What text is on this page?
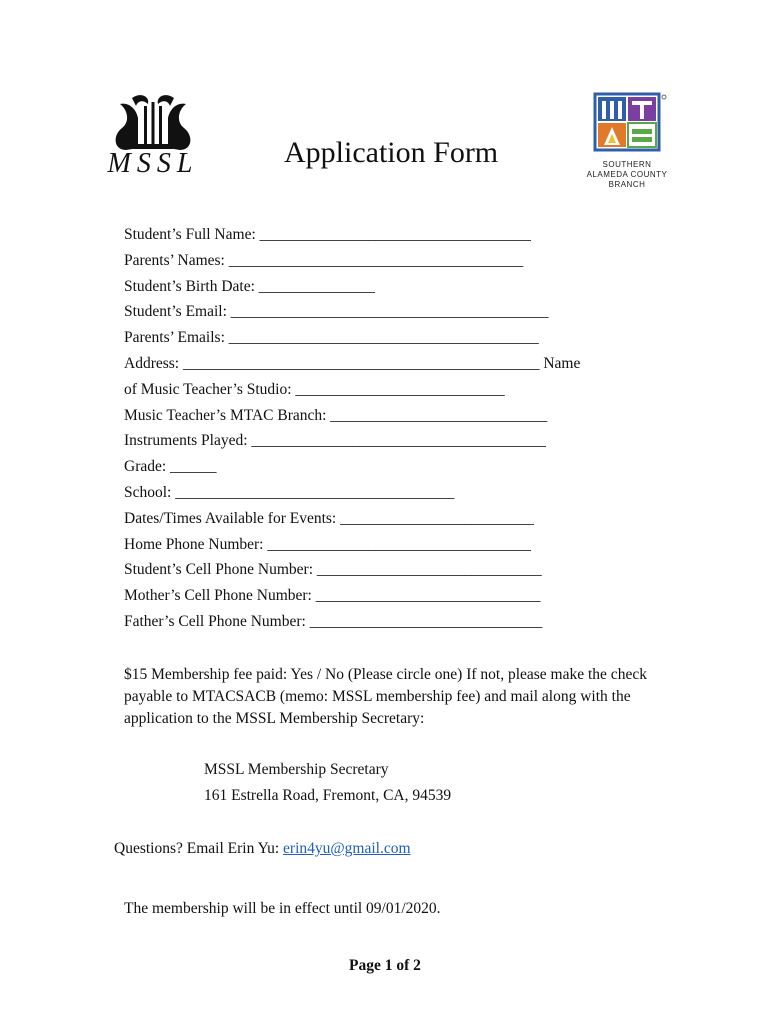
MSSL	Application Form	SOUTHERN
ALAMEDA COUNTY
BRANCH
Student’s Full Name: ___________________________________
Parents’ Names: ______________________________________
Student’s Birth Date: _______________
Student’s Email: _________________________________________
Parents’ Emails: ________________________________________
Address: ______________________________________________ Name
of Music Teacher’s Studio: ___________________________
Music Teacher’s MTAC Branch: ____________________________
Instruments Played: ______________________________________
Grade: ______
School: ____________________________________
Dates/Times Available for Events: _________________________
Home Phone Number: __________________________________
Student’s Cell Phone Number: _____________________________
Mother’s Cell Phone Number: _____________________________
Father’s Cell Phone Number: ______________________________

$15 Membership fee paid: Yes / No (Please circle one) If not, please make the check payable to MTACSACB (memo: MSSL membership fee) and mail along with the application to the MSSL Membership Secretary:

MSSL Membership Secretary
161 Estrella Road, Fremont, CA, 94539
Questions? Email Erin Yu: erin4yu@gmail.com
The membership will be in effect until 09/01/2020.
Page 1 of 2
